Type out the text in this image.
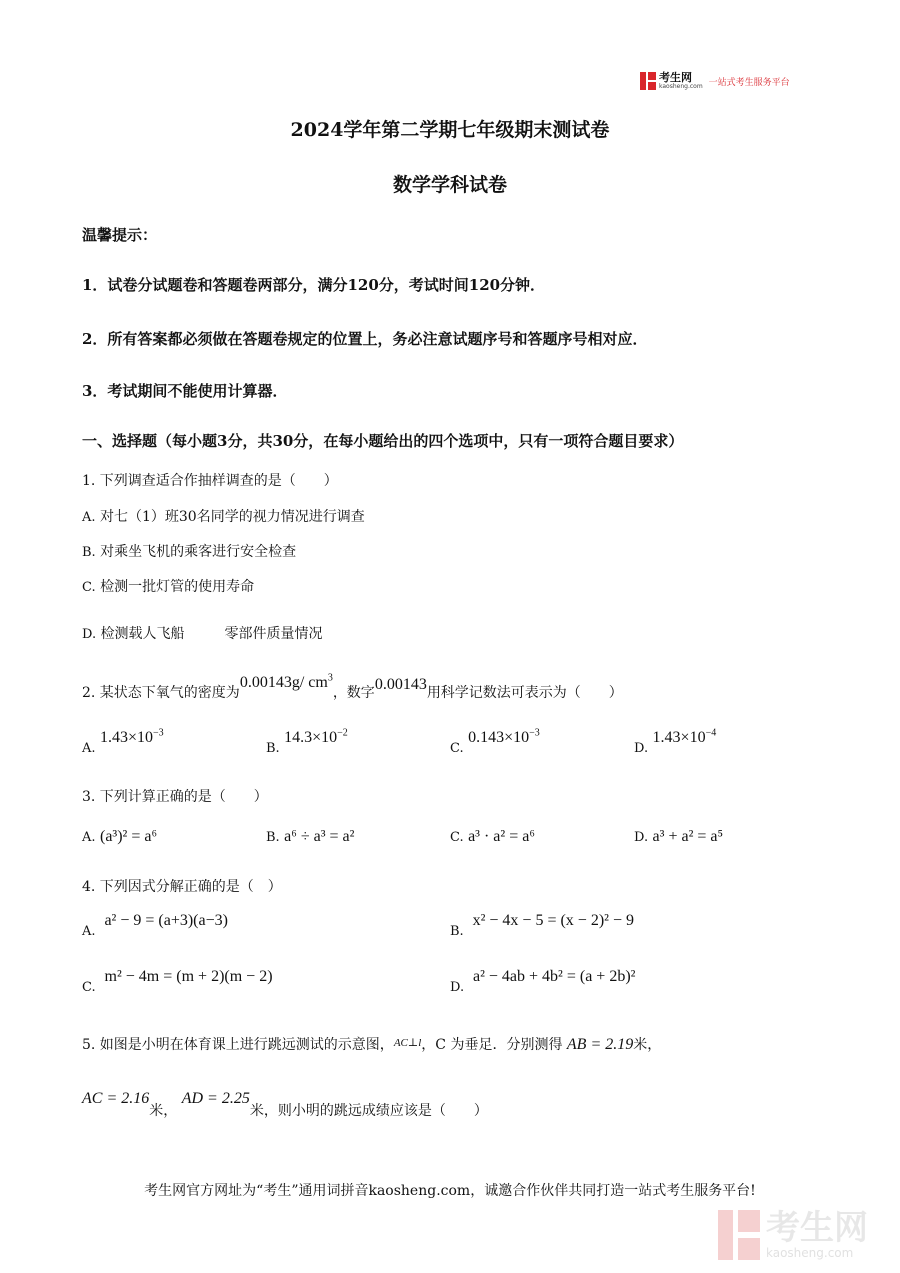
考生网
kaosheng.com 一站式考生服务平台
2024学年第二学期七年级期末测试卷
数学学科试卷
温馨提示：
1．试卷分试题卷和答题卷两部分，满分120分，考试时间120分钟．
2．所有答案都必须做在答题卷规定的位置上，务必注意试题序号和答题序号相对应．
3．考试期间不能使用计算器．
一、选择题（每小题3分，共30分，在每小题给出的四个选项中，只有一项符合题目要求）
1. 下列调查适合作抽样调查的是（　　）
A. 对七（1）班30名同学的视力情况进行调查
B. 对乘坐飞机的乘客进行安全检查
C. 检测一批灯管的使用寿命
D. 检测载人飞船	零部件质量情况
2. 某状态下氧气的密度为0.00143g/ $cm^3$，数字0.00143用科学记数法可表示为（　　）
A. $1.43\times 10^{-3}$
B. $14.3\times 10^{-2}$
C. $0.143\times 10^{-3}$
D. $1.43\times 10^{-4}$
3. 下列计算正确的是（　　）
A. (a³)² = a⁶	B. a⁶ ÷ a³ = a²	C. a³ · a² = a⁶	D. a³ + a² = a⁵
4. 下列因式分解正确的是（　）
A.  a² − 9 = (a+3)(a−3)
B.  x² − 4x − 5 = (x − 2)² − 9
C.  m² − 4m = (m + 2)(m − 2)
D.  a² − 4ab + 4b² = (a + 2b)²
5. 如图是小明在体育课上进行跳远测试的示意图，$^{AC\perp l}$，C 为垂足．分别测得 AB = 2.19米，
AC = 2.16米， AD = 2.25米，则小明的跳远成绩应该是（　　）
考生网官方网址为“考生”通用词拼音kaosheng.com，诚邀合作伙伴共同打造一站式考生服务平台!
考生网
kaosheng.com
